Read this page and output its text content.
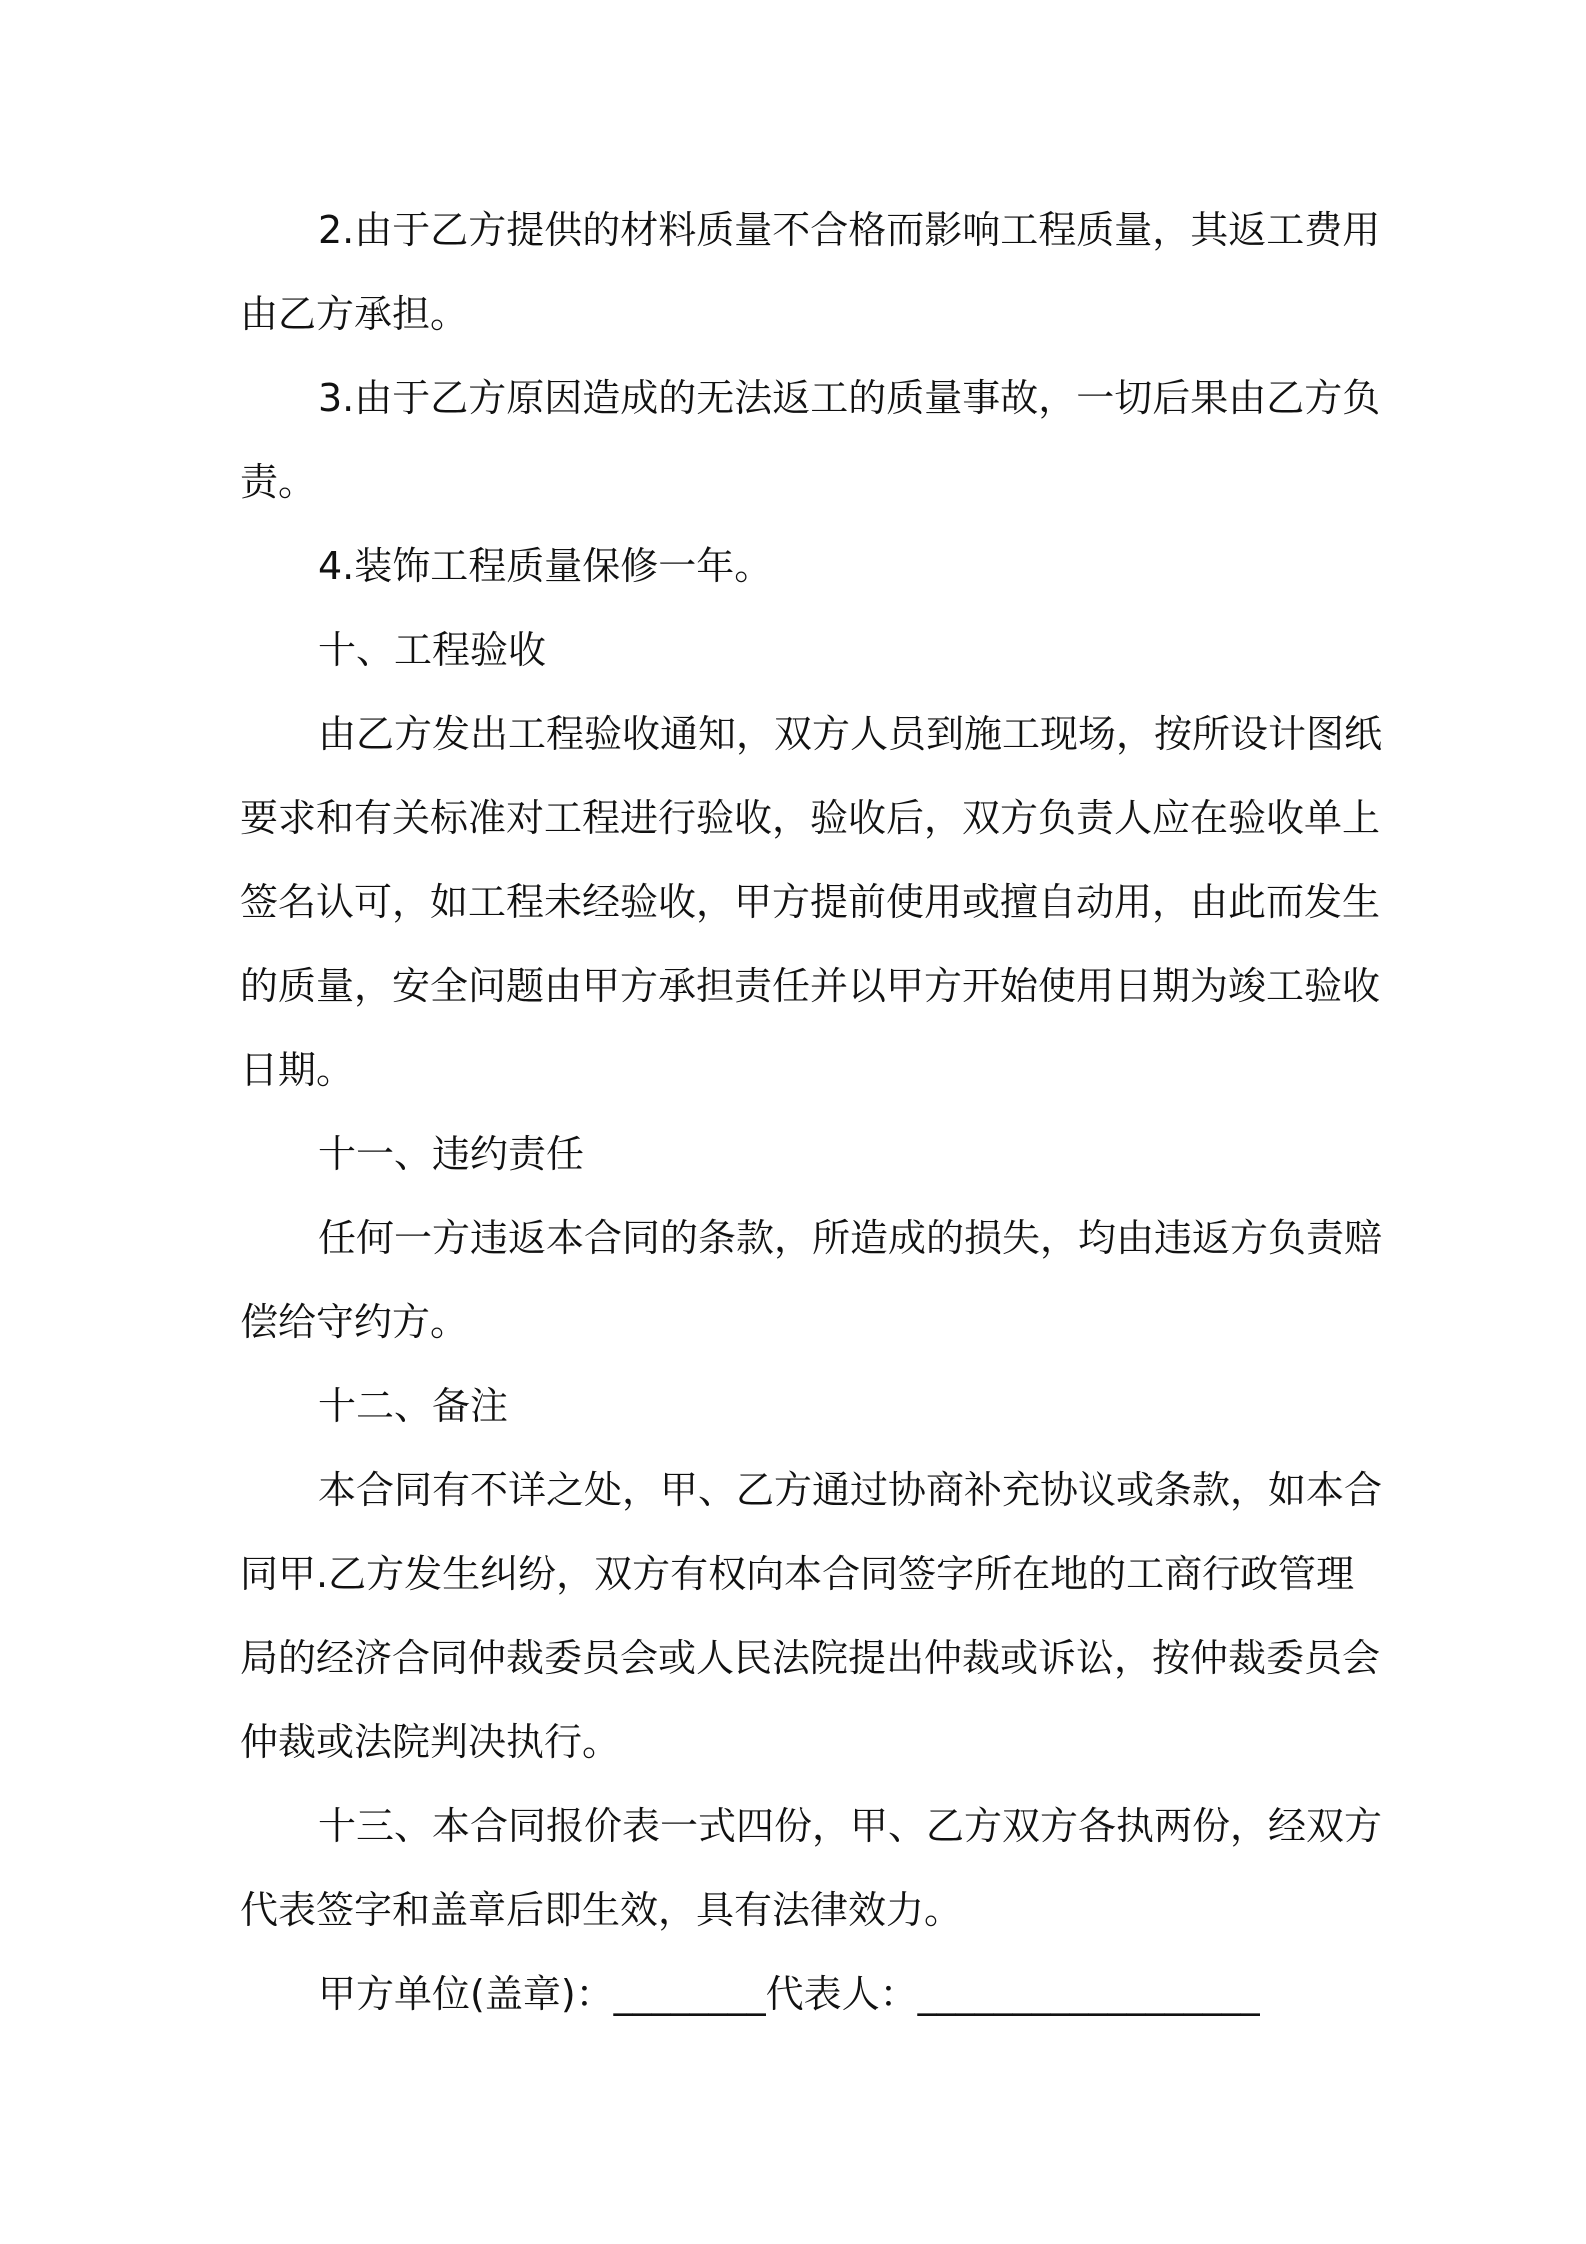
2.由于乙方提供的材料质量不合格而影响工程质量，其返工费用

由乙方承担。

3.由于乙方原因造成的无法返工的质量事故，一切后果由乙方负

责。

4.装饰工程质量保修一年。

十、工程验收

由乙方发出工程验收通知，双方人员到施工现场，按所设计图纸

要求和有关标准对工程进行验收，验收后，双方负责人应在验收单上

签名认可，如工程未经验收，甲方提前使用或擅自动用，由此而发生

的质量，安全问题由甲方承担责任并以甲方开始使用日期为竣工验收

日期。

十一、违约责任

任何一方违返本合同的条款，所造成的损失，均由违返方负责赔

偿给守约方。

十二、备注

本合同有不详之处，甲、乙方通过协商补充协议或条款，如本合

同甲.乙方发生纠纷，双方有权向本合同签字所在地的工商行政管理

局的经济合同仲裁委员会或人民法院提出仲裁或诉讼，按仲裁委员会

仲裁或法院判决执行。

十三、本合同报价表一式四份，甲、乙方双方各执两份，经双方

代表签字和盖章后即生效，具有法律效力。

甲方单位(盖章)：________代表人：__________________
